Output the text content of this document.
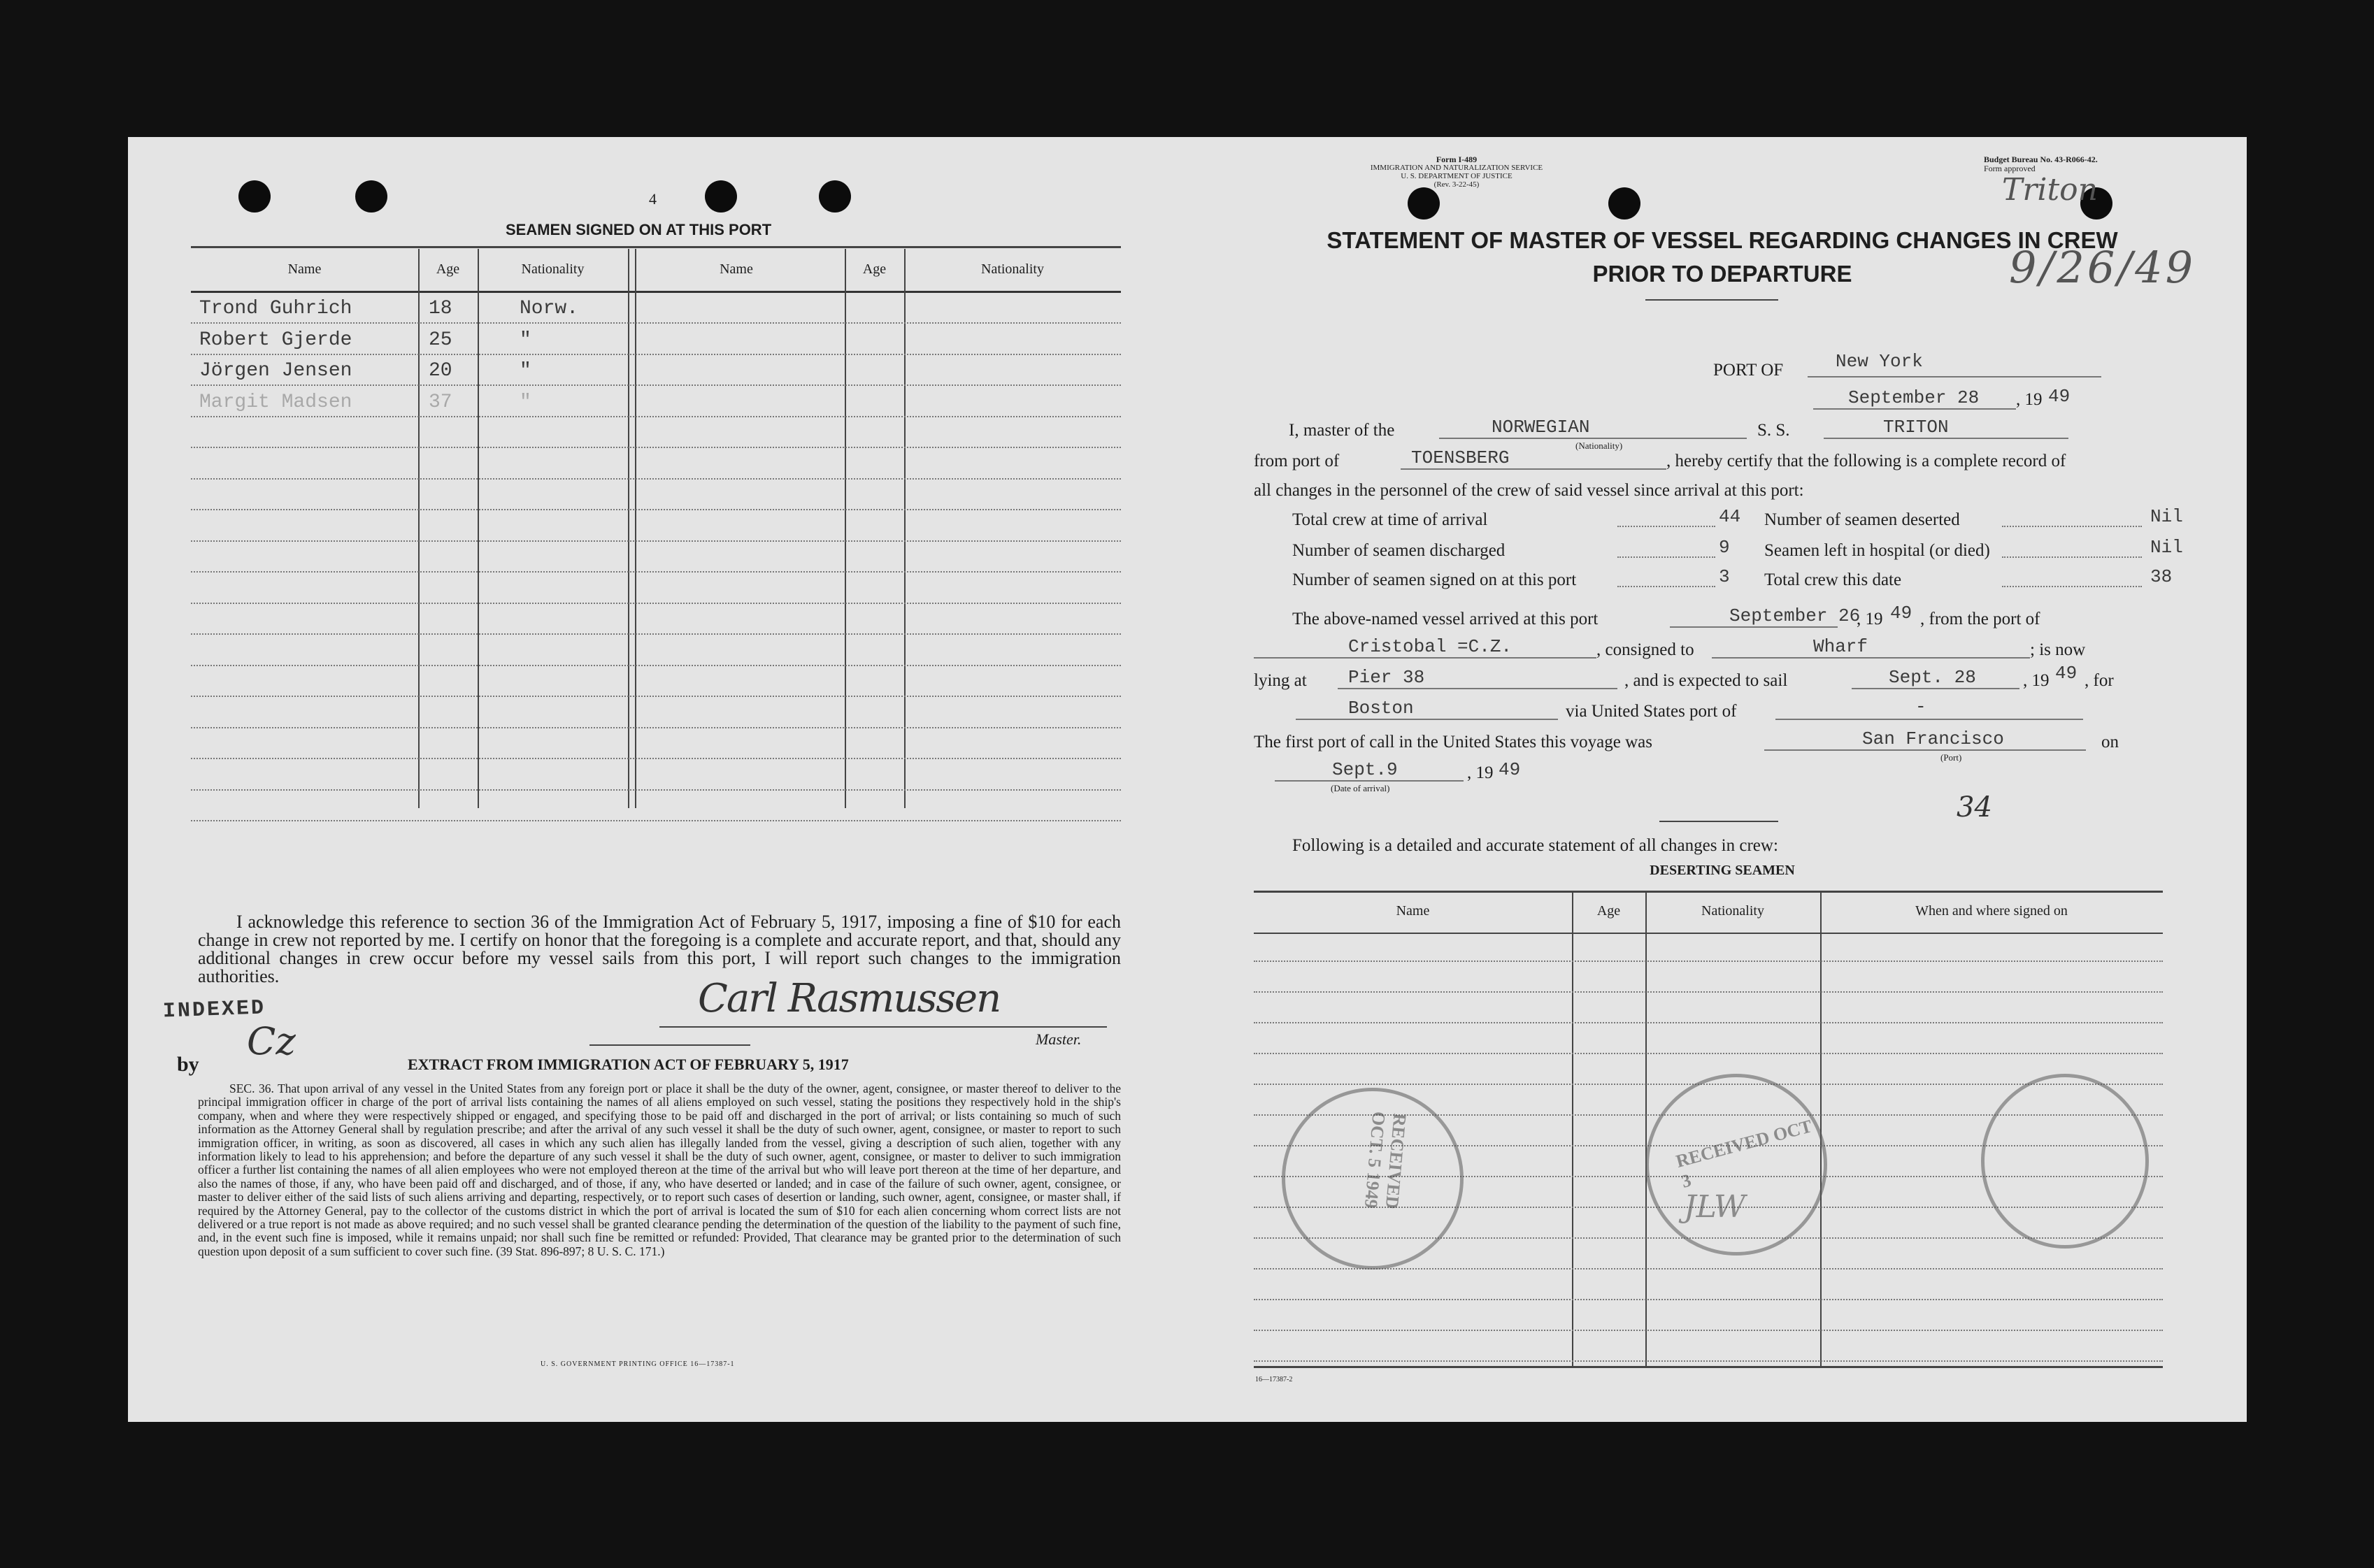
4
SEAMEN SIGNED ON AT THIS PORT
Name	Age	Nationality	Name	Age	Nationality
Trond Guhrich	18	Norw.
Robert Gjerde	25	"
Jörgen Jensen	20	"
Margit Madsen	37	"
I acknowledge this reference to section 36 of the Immigration Act of February 5, 1917, imposing a fine of $10 for each change in crew not reported by me. I certify on honor that the foregoing is a complete and accurate report, and that, should any additional changes in crew occur before my vessel sails from this port, I will report such changes to the immigration authorities.	Carl Rasmussen
Master.
INDEXED
by
Cz
EXTRACT FROM IMMIGRATION ACT OF FEBRUARY 5, 1917
SEC. 36. That upon arrival of any vessel in the United States from any foreign port or place it shall be the duty of the owner, agent, consignee, or master thereof to deliver to the principal immigration officer in charge of the port of arrival lists containing the names of all aliens employed on such vessel, stating the positions they respectively hold in the ship's company, when and where they were respectively shipped or engaged, and specifying those to be paid off and discharged in the port of arrival; or lists containing so much of such information as the Attorney General shall by regulation prescribe; and after the arrival of any such vessel it shall be the duty of such owner, agent, consignee, or master to report to such immigration officer, in writing, as soon as discovered, all cases in which any such alien has illegally landed from the vessel, giving a description of such alien, together with any information likely to lead to his apprehension; and before the departure of any such vessel it shall be the duty of such owner, agent, consignee, or master to deliver to such immigration officer a further list containing the names of all alien employees who were not employed thereon at the time of the arrival but who will leave port thereon at the time of her departure, and also the names of those, if any, who have been paid off and discharged, and of those, if any, who have deserted or landed; and in case of the failure of such owner, agent, consignee, or master to deliver either of the said lists of such aliens arriving and departing, respectively, or to report such cases of desertion or landing, such owner, agent, consignee, or master shall, if required by the Attorney General, pay to the collector of the customs district in which the port of arrival is located the sum of $10 for each alien concerning whom correct lists are not delivered or a true report is not made as above required; and no such vessel shall be granted clearance pending the determination of the question of the liability to the payment of such fine, and, in the event such fine is imposed, while it remains unpaid; nor shall such fine be remitted or refunded: Provided, That clearance may be granted prior to the determination of such question upon deposit of a sum sufficient to cover such fine. (39 Stat. 896-897; 8 U. S. C. 171.)
U. S. GOVERNMENT PRINTING OFFICE 16—17387-1
Form I-489
IMMIGRATION AND NATURALIZATION SERVICE
U. S. DEPARTMENT OF JUSTICE
(Rev. 3-22-45)
Budget Bureau No. 43-R066-42.
Form approved
Triton
9/26/49
STATEMENT OF MASTER OF VESSEL REGARDING CHANGES IN CREW
PRIOR TO DEPARTURE
PORT OF	New York
September 28 , 19 49
I, master of the	NORWEGIAN
(Nationality)
S. S.	TRITON
from port of	TOENSBERG	, hereby certify that the following is a complete record of
all changes in the personnel of the crew of said vessel since arrival at this port:
Total crew at time of arrival	44
Number of seamen discharged	9
Number of seamen signed on at this port	3
Number of seamen deserted	Nil
Seamen left in hospital (or died)	Nil
Total crew this date	38
The above-named vessel arrived at this port	September 26
, 19 49 , from the port of
Cristobal =C.Z.	, consigned to	Wharf	; is now
lying at Pier 38	, and is expected to sail	Sept. 28	, 19 49 , for
Boston	via United States port of	-
The first port of call in the United States this voyage was	San Francisco	on
(Port)
Sept.9
(Date of arrival)
, 19 49
34
Following is a detailed and accurate statement of all changes in crew:
DESERTING SEAMEN
Name	Age	Nationality	When and where signed on
RECEIVED OCT. 5 1949	RECEIVED OCT 3
JLW
16—17387-2
